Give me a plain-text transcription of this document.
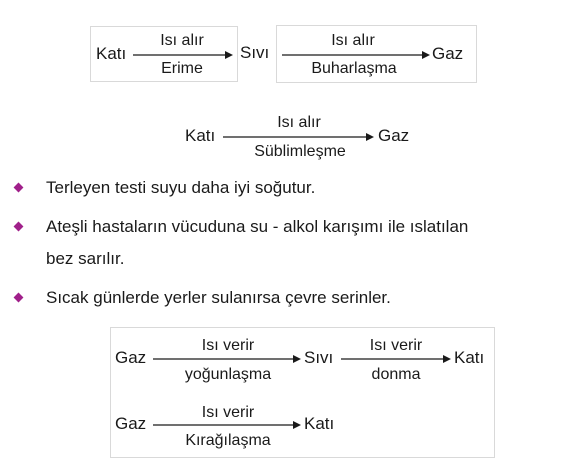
Katı
Isı alır
Erime
Sıvı
Isı alır
Buharlaşma
Gaz
Katı
Isı alır
Süblimleşme
Gaz
Terleyen testi suyu daha iyi soğutur.
Ateşli hastaların vücuduna su - alkol karışımı ile ıslatılan
bez sarılır.
Sıcak günlerde yerler sulanırsa çevre serinler.
Gaz
Isı verir
yoğunlaşma
Sıvı
Isı verir
donma
Katı
Gaz
Isı verir
Kırağılaşma
Katı
